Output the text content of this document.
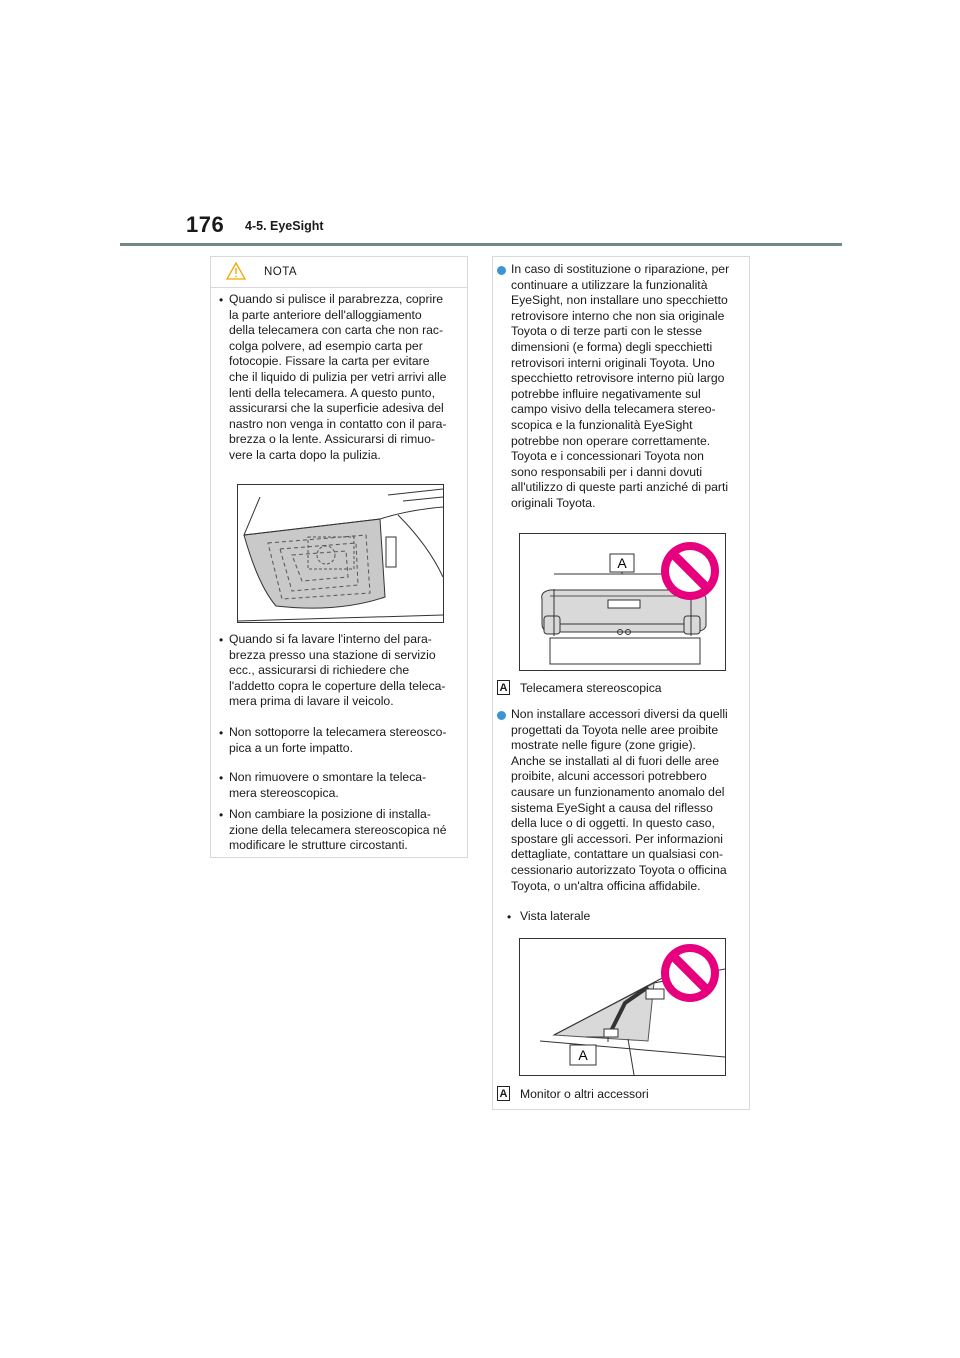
176 4-5. EyeSight
NOTA
• Quando si pulisce il parabrezza, coprire
la parte anteriore dell'alloggiamento
della telecamera con carta che non rac-
colga polvere, ad esempio carta per
fotocopie. Fissare la carta per evitare
che il liquido di pulizia per vetri arrivi alle
lenti della telecamera. A questo punto,
assicurarsi che la superficie adesiva del
nastro non venga in contatto con il para-
brezza o la lente. Assicurarsi di rimuo-
vere la carta dopo la pulizia.
• Quando si fa lavare l'interno del para-
brezza presso una stazione di servizio
ecc., assicurarsi di richiedere che
l'addetto copra le coperture della teleca-
mera prima di lavare il veicolo.
• Non sottoporre la telecamera stereosco-
pica a un forte impatto.
• Non rimuovere o smontare la teleca-
mera stereoscopica.
• Non cambiare la posizione di installa-
zione della telecamera stereoscopica né
modificare le strutture circostanti.
In caso di sostituzione o riparazione, per
continuare a utilizzare la funzionalità
EyeSight, non installare uno specchietto
retrovisore interno che non sia originale
Toyota o di terze parti con le stesse
dimensioni (e forma) degli specchietti
retrovisori interni originali Toyota. Uno
specchietto retrovisore interno più largo
potrebbe influire negativamente sul
campo visivo della telecamera stereo-
scopica e la funzionalità EyeSight
potrebbe non operare correttamente.
Toyota e i concessionari Toyota non
sono responsabili per i danni dovuti
all'utilizzo di queste parti anziché di parti
originali Toyota.
A
A Telecamera stereoscopica
Non installare accessori diversi da quelli
progettati da Toyota nelle aree proibite
mostrate nelle figure (zone grigie).
Anche se installati al di fuori delle aree
proibite, alcuni accessori potrebbero
causare un funzionamento anomalo del
sistema EyeSight a causa del riflesso
della luce o di oggetti. In questo caso,
spostare gli accessori. Per informazioni
dettagliate, contattare un qualsiasi con-
cessionario autorizzato Toyota o officina
Toyota, o un'altra officina affidabile.
• Vista laterale
A
A Monitor o altri accessori
